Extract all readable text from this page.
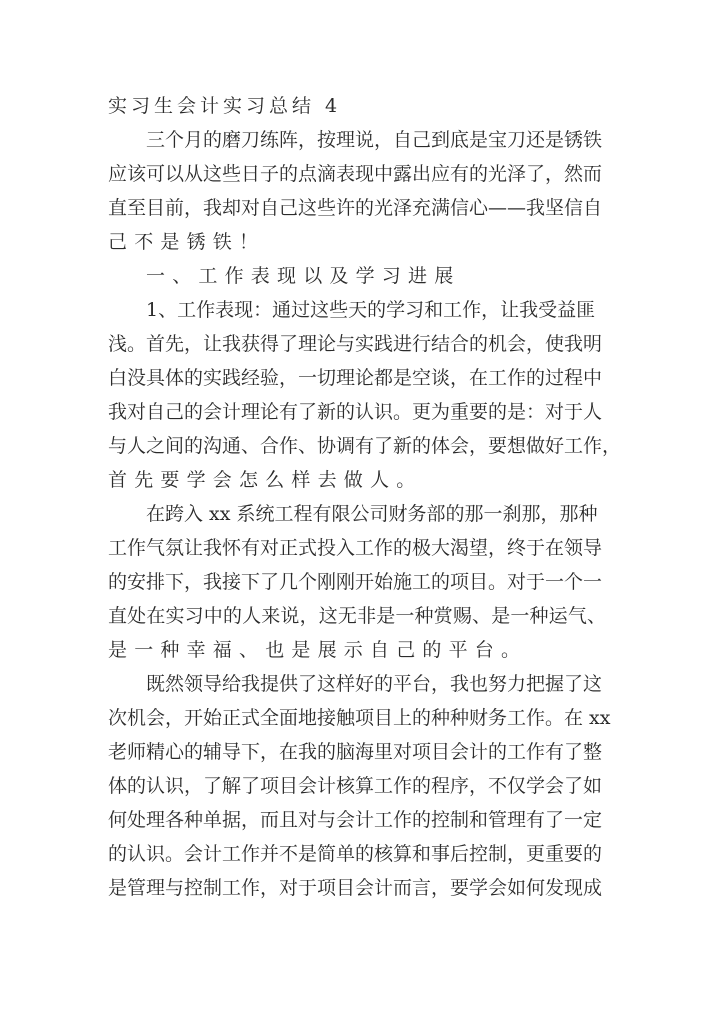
实习生会计实习总结 4
三个月的磨刀练阵，按理说，自己到底是宝刀还是锈铁
应该可以从这些日子的点滴表现中露出应有的光泽了，然而
直至目前，我却对自己这些许的光泽充满信心——我坚信自
己不是锈铁！
一、工作表现以及学习进展
1、工作表现：通过这些天的学习和工作，让我受益匪
浅。首先，让我获得了理论与实践进行结合的机会，使我明
白没具体的实践经验，一切理论都是空谈，在工作的过程中
我对自己的会计理论有了新的认识。更为重要的是：对于人
与人之间的沟通、合作、协调有了新的体会，要想做好工作，
首先要学会怎么样去做人。
在跨入 xx 系统工程有限公司财务部的那一刹那，那种
工作气氛让我怀有对正式投入工作的极大渴望，终于在领导
的安排下，我接下了几个刚刚开始施工的项目。对于一个一
直处在实习中的人来说，这无非是一种赏赐、是一种运气、
是一种幸福、也是展示自己的平台。
既然领导给我提供了这样好的平台，我也努力把握了这
次机会，开始正式全面地接触项目上的种种财务工作。在 xx
老师精心的辅导下，在我的脑海里对项目会计的工作有了整
体的认识，了解了项目会计核算工作的程序，不仅学会了如
何处理各种单据，而且对与会计工作的控制和管理有了一定
的认识。会计工作并不是简单的核算和事后控制，更重要的
是管理与控制工作，对于项目会计而言，要学会如何发现成
